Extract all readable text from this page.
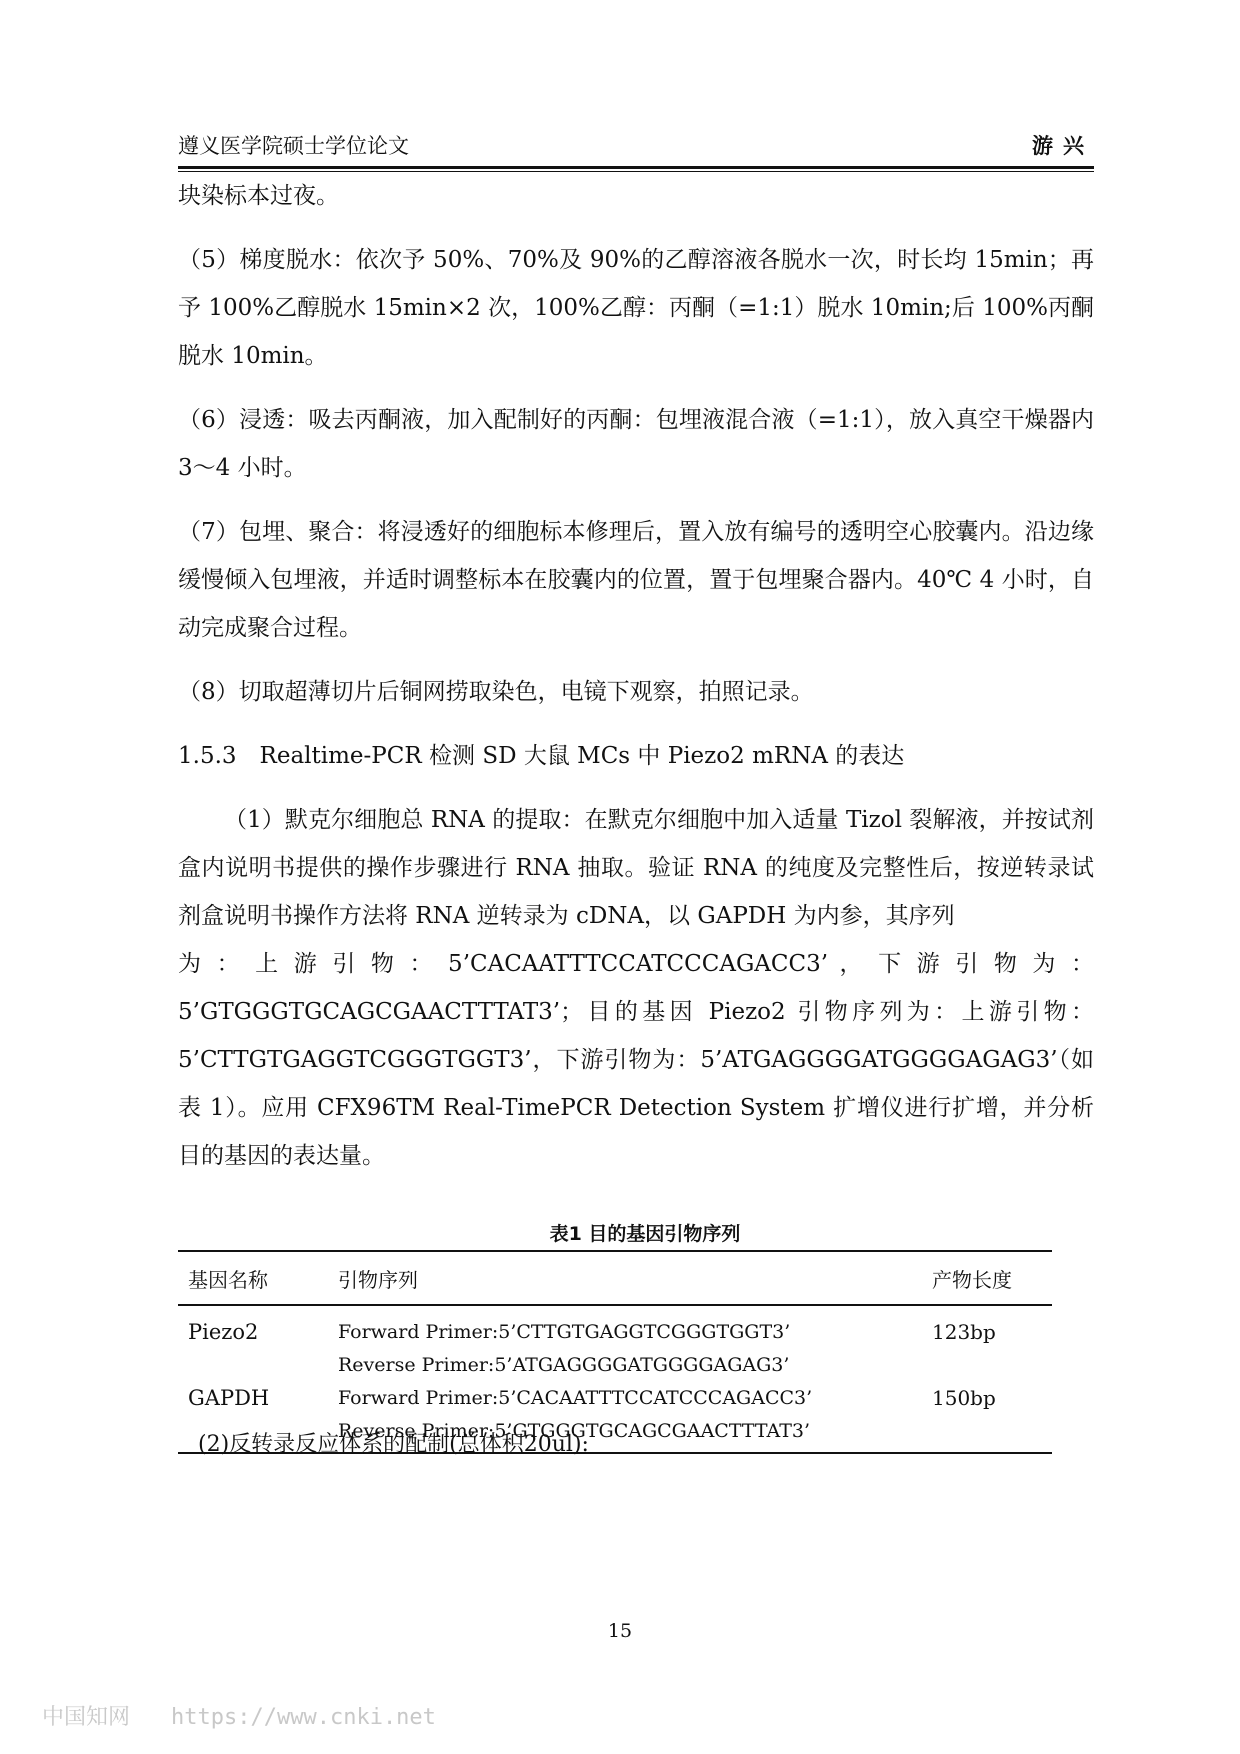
遵义医学院硕士学位论文	游兴

块染标本过夜。

（5）梯度脱水：依次予 50%、70%及 90%的乙醇溶液各脱水一次，时长均 15min；再予 100%乙醇脱水 15min×2 次，100%乙醇：丙酮（=1:1）脱水 10min;后 100%丙酮脱水 10min。

（6）浸透：吸去丙酮液，加入配制好的丙酮：包埋液混合液（=1:1），放入真空干燥器内 3～4 小时。

（7）包埋、聚合：将浸透好的细胞标本修理后，置入放有编号的透明空心胶囊内。沿边缘缓慢倾入包埋液，并适时调整标本在胶囊内的位置，置于包埋聚合器内。40℃ 4 小时，自动完成聚合过程。

（8）切取超薄切片后铜网捞取染色，电镜下观察，拍照记录。

1.5.3　Realtime-PCR 检测 SD 大鼠 MCs 中 Piezo2 mRNA 的表达

（1）默克尔细胞总 RNA 的提取：在默克尔细胞中加入适量 Tizol 裂解液，并按试剂盒内说明书提供的操作步骤进行 RNA 抽取。验证 RNA 的纯度及完整性后，按逆转录试剂盒说明书操作方法将 RNA 逆转录为 cDNA，以 GAPDH 为内参，其序列

为 ： 上 游 引 物 ： 5’CACAATTTCCATCCCAGACC3’ ， 下 游 引 物 为 ：

5’GTGGGTGCAGCGAACTTTAT3’；目的基因 Piezo2 引物序列为：上游引物：5’CTTGTGAGGTCGGGTGGT3’，下游引物为：5’ATGAGGGGATGGGGAGAG3’（如表 1）。应用 CFX96TM Real-TimePCR Detection System 扩增仪进行扩增，并分析目的基因的表达量。

表1 目的基因引物序列
基因名称	引物序列	产物长度
Piezo2	Forward Primer:5’CTTGTGAGGTCGGGTGGT3’
Reverse Primer:5’ATGAGGGGATGGGGAGAG3’	123bp
GAPDH	Forward Primer:5’CACAATTTCCATCCCAGACC3’
Reverse Primer:5’GTGGGTGCAGCGAACTTTAT3’	150bp
(2)反转录反应体系的配制(总体积20ul):
15
中国知网 https://www.cnki.net
